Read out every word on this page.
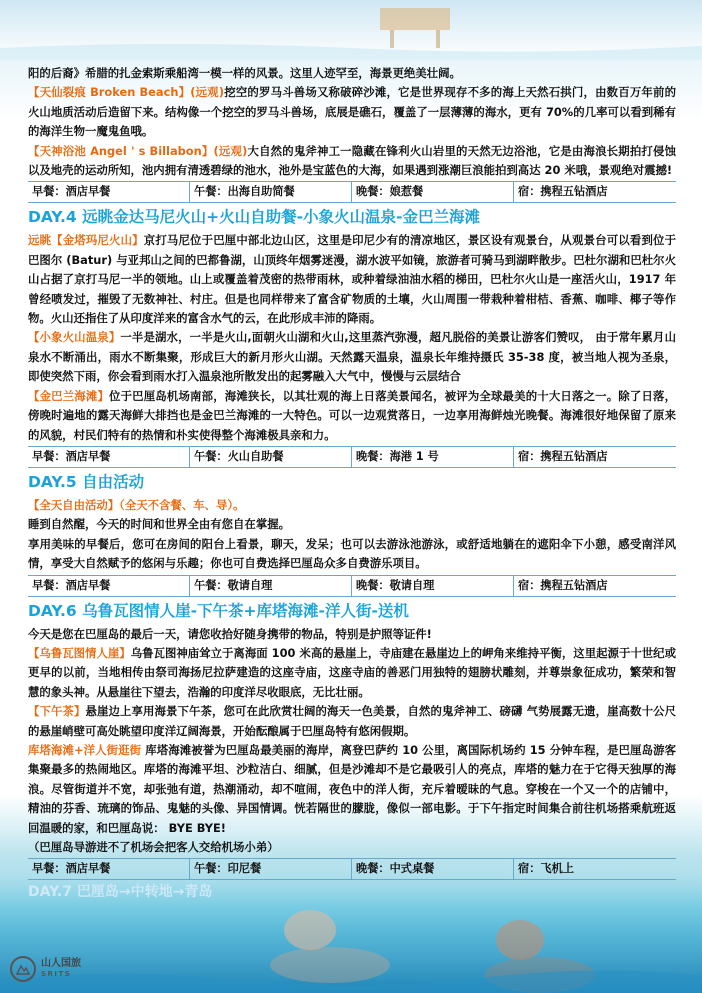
阳的后裔》希腊的扎金索斯乘船湾一模一样的风景。这里人迹罕至，海景更绝美壮阔。

【天仙裂痕 Broken Beach】(远观)挖空的罗马斗兽场又称破碎沙滩，它是世界现存不多的海上天然石拱门，由数百万年前的火山地质活动后造留下来。结构像一个挖空的罗马斗兽场，底展是礁石，覆盖了一层薄薄的海水，更有 70%的几率可以看到稀有的海洋生物一魔鬼鱼哦。

【天神浴池 Angel ' s Billabon】(远观)大自然的鬼斧神工一隐藏在锋利火山岩里的天然无边浴池，它是由海浪长期拍打侵蚀以及地壳的运动所知，池内拥有清透碧绿的池水，池外是宝蓝色的大海，如果遇到涨潮巨浪能拍到高达 20 米哦，景观绝对震撼!

早餐：酒店早餐	午餐：出海自助简餐	晚餐：娘惹餐	宿：携程五钻酒店
DAY.4 远眺金达马尼火山+火山自助餐-小象火山温泉-金巴兰海滩

远眺【金塔玛尼火山】京打马尼位于巴厘中部北边山区，这里是印尼少有的清凉地区，景区设有观景台，从观景台可以看到位于巴图尔 (Batur) 与亚邦山之间的巴都鲁湖，山顶终年烟雾迷漫，湖水波平如镜，旅游者可骑马到湖畔散步。巴杜尔湖和巴杜尔火山占据了京打马尼一半的领地。山上或覆盖着茂密的热带雨林，或种着绿油油水稻的梯田，巴杜尔火山是一座活火山，1917 年曾经喷发过，摧毁了无数神社、村庄。但是也同样带来了富含矿物质的土壤，火山周围一带栽种着柑桔、香蕉、咖啡、椰子等作物。火山还指住了从印度洋来的富含水气的云，在此形成丰沛的降雨。

【小象火山温泉】一半是湖水，一半是火山,面朝火山湖和火山,这里蒸汽弥漫，超凡脱俗的美景让游客们赞叹， 由于常年累月山泉水不断涌出，雨水不断集聚，形成巨大的新月形火山湖。天然露天温泉，温泉长年维持摄氏 35-38 度，被当地人视为圣泉，即使突然下雨，你会看到雨水打入温泉池所散发出的起雾融入大气中，慢慢与云层结合

【金巴兰海滩】位于巴厘岛机场南部，海滩狭长，以其壮观的海上日落美景闻名，被评为全球最美的十大日落之一。除了日落，傍晚时遍地的露天海鲜大排挡也是金巴兰海滩的一大特色。可以一边观赏落日，一边享用海鲜烛光晚餐。海滩很好地保留了原来的风貌，村民们特有的热情和朴实使得整个海滩极具亲和力。

早餐：酒店早餐	午餐：火山自助餐	晚餐：海港 1 号	宿：携程五钻酒店
DAY.5 自由活动

【全天自由活动】（全天不含餐、车、导）。

睡到自然醒，今天的时间和世界全由有您自在掌握。

享用美味的早餐后，您可在房间的阳台上看景，聊天，发呆；也可以去游泳池游泳，或舒适地躺在的遮阳伞下小憩，感受南洋风情，享受大自然赋予的悠闲与乐趣；你也可自费选择巴厘岛众多自费游乐项目。

早餐：酒店早餐	午餐：敬请自理	晚餐：敬请自理	宿：携程五钻酒店
DAY.6 乌鲁瓦图情人崖-下午茶+库塔海滩-洋人街-送机

今天是您在巴厘岛的最后一天，请您收拾好随身携带的物品，特别是护照等证件!

【乌鲁瓦图情人崖】乌鲁瓦图神庙耸立于离海面 100 米高的悬崖上，寺庙建在悬崖边上的岬角来维持平衡，这里起源于十世纪或更早的以前，当地相传由祭司海扬尼拉萨建造的这座寺庙，这座寺庙的善恶门用独特的翅膀状雕刻，并尊崇象征成功，繁荣和智慧的象头神。从悬崖往下望去，浩瀚的印度洋尽收眼底，无比壮丽。

【下午茶】悬崖边上享用海景下午茶，您可在此欣赏壮阔的海天一色美景，自然的鬼斧神工、磅礴 气势展露无遗，崖高数十公尺的悬崖峭壁可高处眺望印度洋辽阔海景，开始酝酿属于巴厘岛特有悠闲假期。

库塔海滩+洋人街逛街 库塔海滩被誉为巴厘岛最美丽的海岸，离登巴萨约 10 公里，离国际机场约 15 分钟车程，是巴厘岛游客集聚最多的热闹地区。库塔的海滩平坦、沙粒洁白、细腻，但是沙滩却不是它最吸引人的亮点，库塔的魅力在于它得天独厚的海浪。尽管街道并不宽，却张弛有道，热潮涌动，却不喧闹，夜色中的洋人街，充斥着暧昧的气息。穿梭在一个又一个的店铺中，精油的芬香、琉璃的饰品、鬼魅的头像、异国情调。恍若隔世的朦胧，像似一部电影。于下午指定时间集合前往机场搭乘航班返回温暖的家，和巴厘岛说： BYE BYE!

（巴厘岛导游进不了机场会把客人交给机场小弟）
早餐：酒店早餐	午餐：印尼餐	晚餐：中式桌餐	宿：飞机上
DAY.7 巴厘岛→中转地→青岛
山人国旅
SRITS
